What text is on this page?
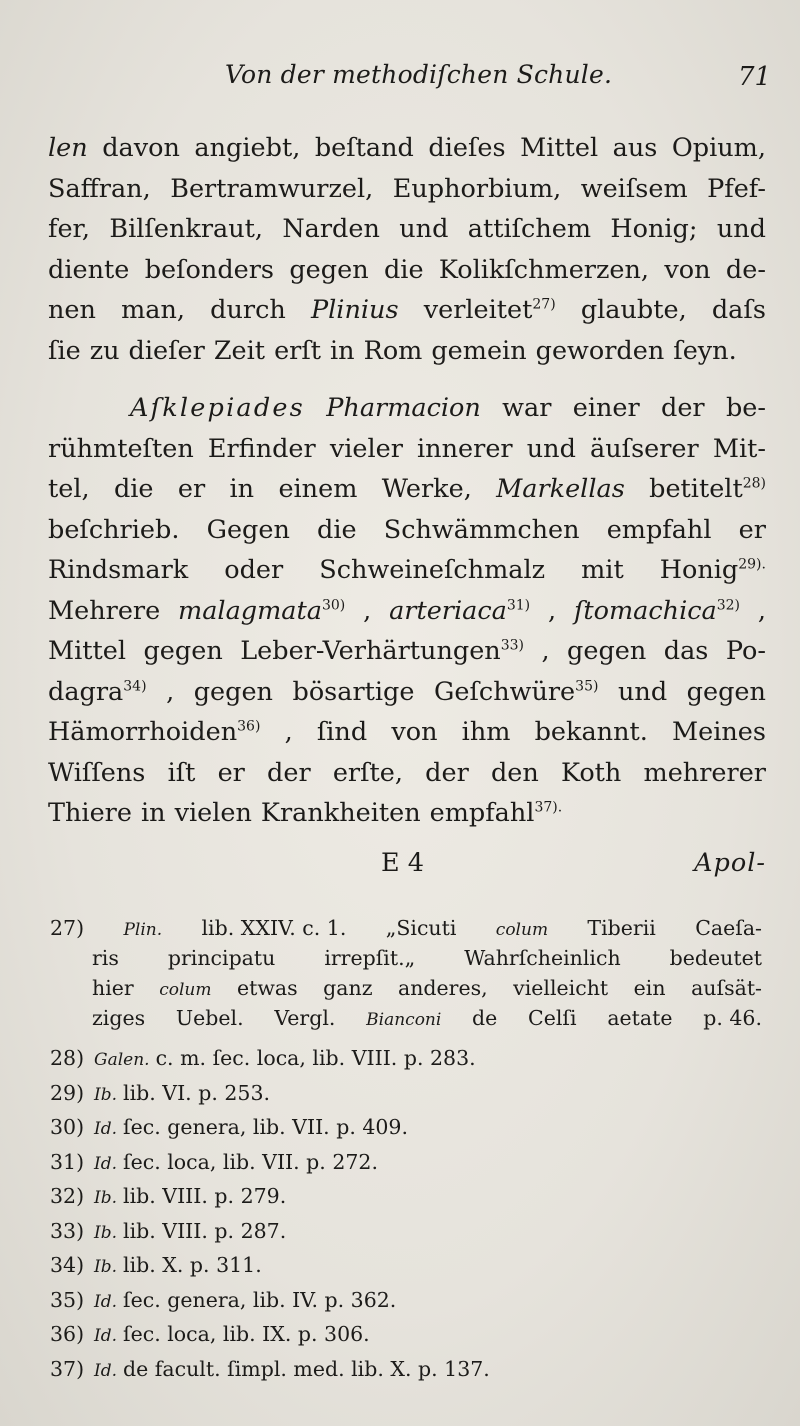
Von der methodiſchen Schule.	71
len davon angiebt, beſtand dieſes Mittel aus Opium,
Saffran, Bertramwurzel, Euphorbium, weiſsem Pfef-
fer, Bilſenkraut, Narden und attiſchem Honig; und
diente beſonders gegen die Kolikſchmerzen, von de-
nen man, durch Plinius verleitet$^{27)}$ glaubte, daſs
ſie zu dieſer Zeit erſt in Rom gemein geworden ſeyn.
Aſklepiades Pharmacion war einer der be-
rühmteſten Erfinder vieler innerer und äuſserer Mit-
tel, die er in einem Werke, Markellas betitelt$^{28)}$
beſchrieb. Gegen die Schwämmchen empfahl er
Rindsmark oder Schweineſchmalz mit Honig$^{29).}$
Mehrere malagmata$^{30)}$ , arteriaca$^{31)}$ , ſtomachica$^{32)}$ ,
Mittel gegen Leber-Verhärtungen$^{33)}$ , gegen das Po-
dagra$^{34)}$ , gegen bösartige Geſchwüre$^{35)}$ und gegen
Hämorrhoiden$^{36)}$ , ſind von ihm bekannt. Meines
Wiſſens iſt er der erſte, der den Koth mehrerer
Thiere in vielen Krankheiten empfahl$^{37).}$
E 4	Apol-
27) Plin. lib. XXIV. c. 1. „Sicuti colum Tiberii Caeſa-
ris principatu irrepſit.„ Wahrſcheinlich bedeutet
hier colum etwas ganz anderes, vielleicht ein auſsät-
ziges Uebel. Vergl. Bianconi de Celſi aetate p. 46.
28) Galen. c. m. ſec. loca, lib. VIII. p. 283.
29) Ib. lib. VI. p. 253.
30) Id. ſec. genera, lib. VII. p. 409.
31) Id. ſec. loca, lib. VII. p. 272.
32) Ib. lib. VIII. p. 279.
33) Ib. lib. VIII. p. 287.
34) Ib. lib. X. p. 311.
35) Id. ſec. genera, lib. IV. p. 362.
36) Id. ſec. loca, lib. IX. p. 306.
37) Id. de facult. ſimpl. med. lib. X. p. 137.
